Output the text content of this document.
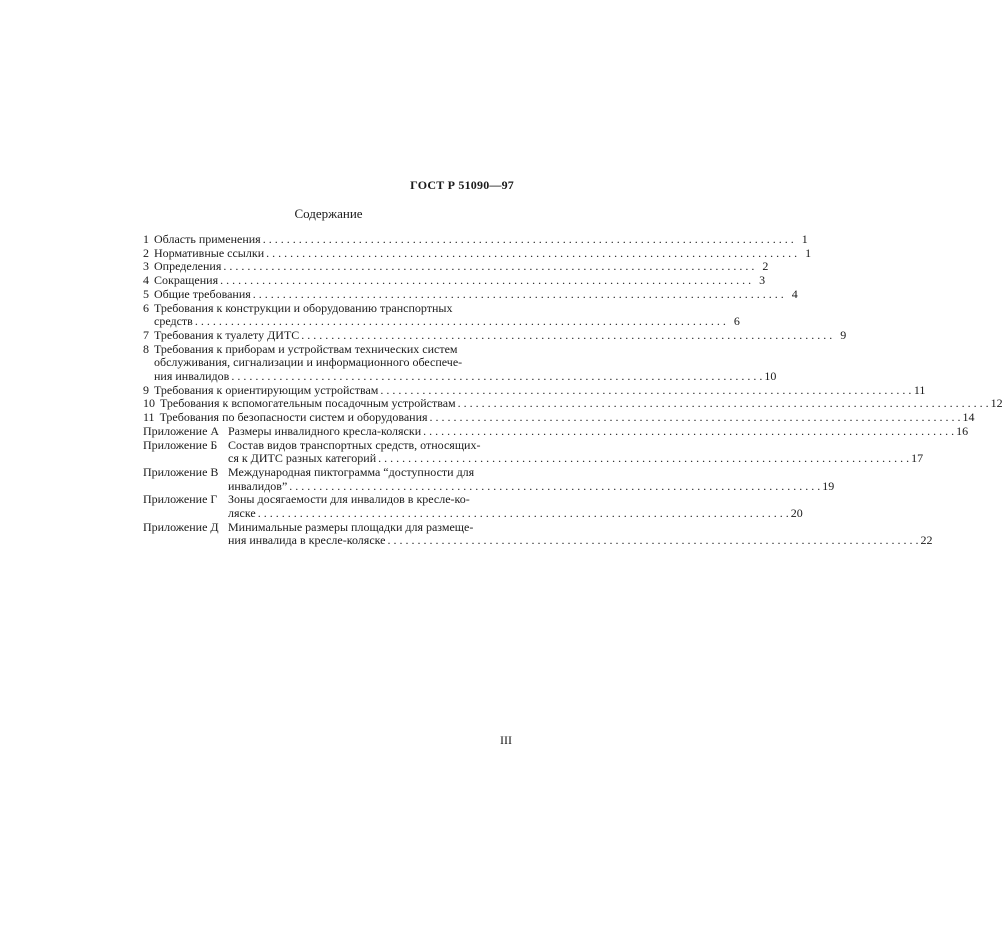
ГОСТ Р 51090—97
Содержание
1 Область применения . . .	1
2 Нормативные ссылки . . .	1
3 Определения . . .	2
4 Сокращения . . .	3
5 Общие требования . . .	4
6 Требования к конструкции и оборудованию транспортных
средств . . .	6
7 Требования к туалету ДИТС . . .	9
8 Требования к приборам и устройствам технических систем
обслуживания, сигнализации и информационного обеспече-
ния инвалидов . . .	10
9 Требования к ориентирующим устройствам . . .	11
10 Требования к вспомогательным посадочным устройствам . . .	12
11 Требования по безопасности систем и оборудования . . .	14
Приложение А Размеры инвалидного кресла-коляски . . .	16
Приложение Б Состав видов транспортных средств, относящих-
ся к ДИТС разных категорий . . .	17
Приложение В Международная пиктограмма “доступности для
инвалидов” . . .	19
Приложение Г Зоны досягаемости для инвалидов в кресле-ко-
ляске . . .	20
Приложение Д Минимальные размеры площадки для размеще-
ния инвалида в кресле-коляске . . .	22
III
